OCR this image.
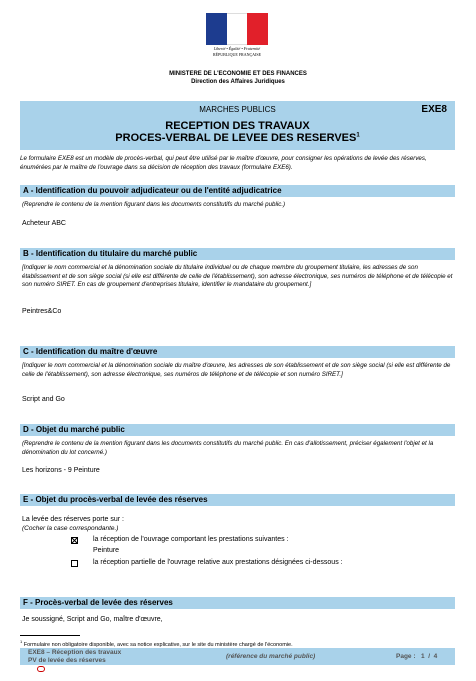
Liberté • Égalité • Fraternité
RÉPUBLIQUE FRANÇAISE
MINISTERE DE L'ECONOMIE ET DES FINANCES
Direction des Affaires Juridiques
MARCHES PUBLICS	EXE8
RECEPTION DES TRAVAUX
PROCES-VERBAL DE LEVEE DES RESERVES$^1$
Le formulaire EXE8 est un modèle de procès-verbal, qui peut être utilisé par le maître d'œuvre, pour consigner les opérations de levée des réserves, énumérées par le maître de l'ouvrage dans sa décision de réception des travaux (formulaire EXE6).
A - Identification du pouvoir adjudicateur ou de l'entité adjudicatrice
(Reprendre le contenu de la mention figurant dans les documents constitutifs du marché public.)
Acheteur ABC
B - Identification du titulaire du marché public
[Indiquer le nom commercial et la dénomination sociale du titulaire individuel ou de chaque membre du groupement titulaire, les adresses de son établissement et de son siège social (si elle est différente de celle de l'établissement), son adresse électronique, ses numéros de téléphone et de télécopie et son numéro SIRET. En cas de groupement d'entreprises titulaire, identifier le mandataire du groupement.]
Peintres&Co
C - Identification du maître d'œuvre
[Indiquer le nom commercial et la dénomination sociale du maître d'œuvre, les adresses de son établissement et de son siège social (si elle est différente de celle de l'établissement), son adresse électronique, ses numéros de téléphone et de télécopie et son numéro SIRET.]
Script and Go
D - Objet du marché public
(Reprendre le contenu de la mention figurant dans les documents constitutifs du marché public. En cas d'allotissement, préciser également l'objet et la dénomination du lot concerné.)
Les horizons - 9 Peinture
E - Objet du procès-verbal de levée des réserves
La levée des réserves porte sur :
(Cocher la case correspondante.)
la réception de l'ouvrage comportant les prestations suivantes :
Peinture
la réception partielle de l'ouvrage relative aux prestations désignées ci-dessous :
F - Procès-verbal de levée des réserves
Je soussigné, Script and Go, maître d'œuvre,
$^1$ Formulaire non obligatoire disponible, avec sa notice explicative, sur le site du ministère chargé de l'économie.
EXE8 – Réception des travaux
PV de levée des réserves
(référence du marché public)	Page : 1 / 4
